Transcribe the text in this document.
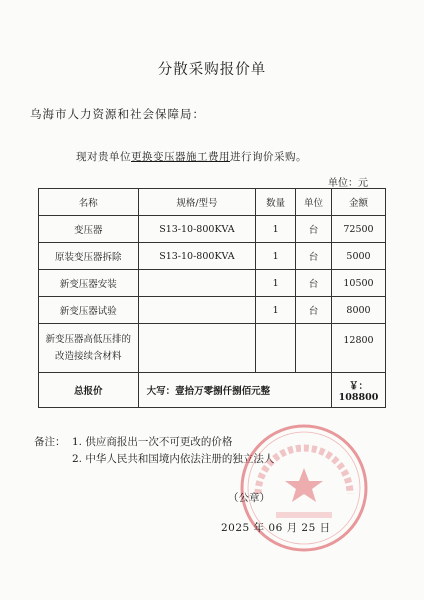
分散采购报价单
乌海市人力资源和社会保障局：
现对贵单位更换变压器施工费用进行询价采购。
单位：元
名称	规格/型号	数量	单位	金额
变压器	S13-10-800KVA	1	台	72500
原装变压器拆除	S13-10-800KVA	1	台	5000
新变压器安装		1	台	10500
新变压器试验		1	台	8000

新变压器高低压排的
改造接续含材料				12800
总报价	大写：壹拾万零捌仟捌佰元整			￥：108800
备注： 1. 供应商报出一次不可更改的价格
2. 中华人民共和国境内依法注册的独立法人
（公章）
2025 年 06 月 25 日
